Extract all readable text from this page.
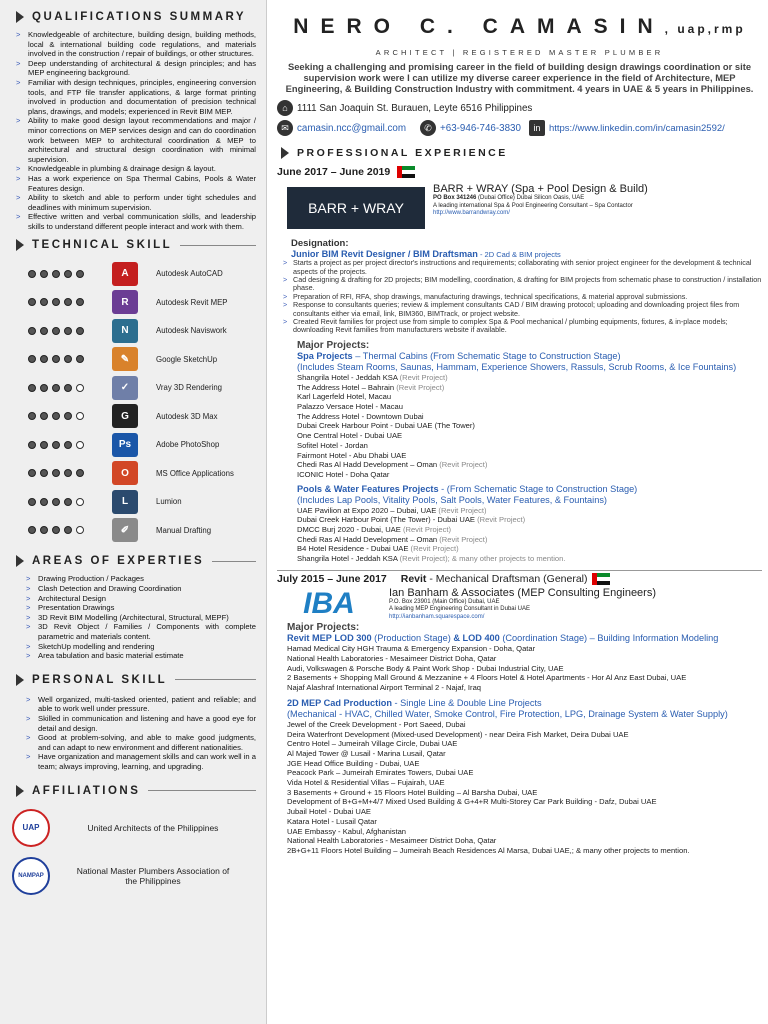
QUALIFICATIONS SUMMARY
> Knowledgeable of architecture, building design, building methods, local & international building code regulations, and materials involved in the construction / repair of buildings, or other structures.
> Deep understanding of architectural & design principles; and has MEP engineering background.
> Familiar with design techniques, principles, engineering conversion tools, and FTP file transfer applications, & large format printing involved in production and documentation of precision technical plans, drawings, and models; experienced in Revit BIM MEP.
> Ability to make good design layout recommendations and major / minor corrections on MEP services design and can do coordination work between MEP to architectural coordination & MEP to architectural and structural design coordination with minimal supervision.
> Knowledgeable in plumbing & drainage design & layout.
> Has a work experience on Spa Thermal Cabins, Pools & Water Features design.
> Ability to sketch and able to perform under tight schedules and deadlines with minimum supervision.
> Effective written and verbal communication skills, and leadership skills to understand different people interact and work with them.
TECHNICAL SKILL
A	Autodesk AutoCAD
R	Autodesk Revit MEP
N	Autodesk Naviswork
✎	Google SketchUp
✓	Vray 3D Rendering
G	Autodesk 3D Max
Ps	Adobe PhotoShop
O	MS Office Applications
L	Lumion
✐	Manual Drafting
AREAS OF EXPERTIES
> Drawing Production / Packages
> Clash Detection and Drawing Coordination
> Architectural Design
> Presentation Drawings
> 3D Revit BIM Modelling (Architectural, Structural, MEPF)
> 3D Revit Object / Families / Components with complete parametric and materials content.
> SketchUp modelling and rendering
> Area tabulation and basic material estimate
PERSONAL SKILL
> Well organized, multi-tasked oriented, patient and reliable; and able to work well under pressure.
> Skilled in communication and listening and have a good eye for detail and design.
> Good at problem-solving, and able to make good judgments, and can adapt to new environment and different nationalities.
> Have organization and management skills and can work well in a team; always improving, learning, and upgrading.
AFFILIATIONS
UAP	United Architects of the Philippines
NAMPAP	National Master Plumbers Association of the Philippines
NERO C. CAMASIN, uap,rmp
ARCHITECT | REGISTERED MASTER PLUMBER
Seeking a challenging and promising career in the field of building design drawings coordination or site supervision work were I can utilize my diverse career experience in the field of Architecture, MEP Engineering, & Building Construction Industry with commitment. 4 years in UAE & 5 years in Philippines.
⌂ 1111 San Joaquin St. Burauen, Leyte 6516 Philippines
✉ camasin.ncc@gmail.com	✆ +63-946-746-3830	in https://www.linkedin.com/in/camasin2592/
PROFESSIONAL EXPERIENCE
June 2017 – June 2019
BARR + WRAY
BARR + WRAY (Spa + Pool Design & Build)
PO Box 341246 (Dubai Office) Dubai Silicon Oasis, UAE
A leading international Spa & Pool Engineering Consultant – Spa Contactor
http://www.barrandwray.com/
Designation:
Junior BIM Revit Designer / BIM Draftsman - 2D Cad & BIM projects
> Starts a project as per project director's instructions and requirements; collaborating with senior project engineer for the development & technical aspects of the projects.
> Cad designing & drafting for 2D projects; BIM modelling, coordination, & drafting for BIM projects from schematic phase to construction / installation phase.
> Preparation of RFI, RFA, shop drawings, manufacturing drawings, technical specifications, & material approval submissions.
> Response to consultants queries; review & implement consultants CAD / BIM drawing protocol; uploading and downloading project files from consultants either via email, link, BIM360, BIMTrack, or project website.
> Created Revit families for project use from simple to complex Spa & Pool mechanical / plumbing equipments, fixtures, & in-place models; downloading Revit families from manufacturers website if available.
Major Projects:
Spa Projects – Thermal Cabins (From Schematic Stage to Construction Stage)
(Includes Steam Rooms, Saunas, Hammam, Experience Showers, Rassuls, Scrub Rooms, & Ice Fountains)
Shangrila Hotel - Jeddah KSA (Revit Project)
The Address Hotel – Bahrain (Revit Project)
Karl Lagerfeld Hotel, Macau
Palazzo Versace Hotel - Macau
The Address Hotel - Downtown Dubai
Dubai Creek Harbour Point - Dubai UAE (The Tower)
One Central Hotel - Dubai UAE
Sofitel Hotel - Jordan
Fairmont Hotel - Abu Dhabi UAE
Chedi Ras Al Hadd Development – Oman (Revit Project)
ICONIC Hotel - Doha Qatar
Pools & Water Features Projects - (From Schematic Stage to Construction Stage)
(Includes Lap Pools, Vitality Pools, Salt Pools, Water Features, & Fountains)
UAE Pavilion at Expo 2020 – Dubai, UAE (Revit Project)
Dubai Creek Harbour Point (The Tower) - Dubai UAE (Revit Project)
DMCC Burj 2020 - Dubai, UAE (Revit Project)
Chedi Ras Al Hadd Development – Oman (Revit Project)
B4 Hotel Residence - Dubai UAE (Revit Project)
Shangrila Hotel - Jeddah KSA (Revit Project); & many other projects to mention.
July 2015 – June 2017 Revit - Mechanical Draftsman (General)
IBA	Ian Banham & Associates (MEP Consulting Engineers)
P.O. Box 23901 (Main Office) Dubai, UAE
A leading MEP Engineering Consultant in Dubai UAE
http://ianbanham.squarespace.com/
Major Projects:
Revit MEP LOD 300 (Production Stage) & LOD 400 (Coordination Stage) – Building Information Modeling
Hamad Medical City HGH Trauma & Emergency Expansion - Doha, Qatar
National Health Laboratories - Mesaimeer District Doha, Qatar
Audi, Volkswagen & Porsche Body & Paint Work Shop - Dubai Industrial City, UAE
2 Basements + Shopping Mall Ground & Mezzanine + 4 Floors Hotel & Hotel Apartments - Hor Al Anz East Dubai, UAE
Najaf Alashraf International Airport Terminal 2 - Najaf, Iraq
2D MEP Cad Production - Single Line & Double Line Projects
(Mechanical - HVAC, Chilled Water, Smoke Control, Fire Protection, LPG, Drainage System & Water Supply)
Jewel of the Creek Development - Port Saeed, Dubai
Deira Waterfront Development (Mixed-used Development) - near Deira Fish Market, Deira Dubai UAE
Centro Hotel – Jumeirah Village Circle, Dubai UAE
Al Majed Tower @ Lusail - Marina Lusail, Qatar
JGE Head Office Building - Dubai, UAE
Peacock Park – Jumeirah Emirates Towers, Dubai UAE
Vida Hotel & Residential Villas – Fujairah, UAE
3 Basements + Ground + 15 Floors Hotel Building – Al Barsha Dubai, UAE
Development of B+G+M+4/7 Mixed Used Building & G+4+R Multi-Storey Car Park Building - Dafz, Dubai UAE
Jubail Hotel - Dubai UAE
Katara Hotel - Lusail Qatar
UAE Embassy - Kabul, Afghanistan
National Health Laboratories - Mesaimeer District Doha, Qatar
2B+G+11 Floors Hotel Building – Jumeirah Beach Residences Al Marsa, Dubai UAE,; & many other projects to mention.
